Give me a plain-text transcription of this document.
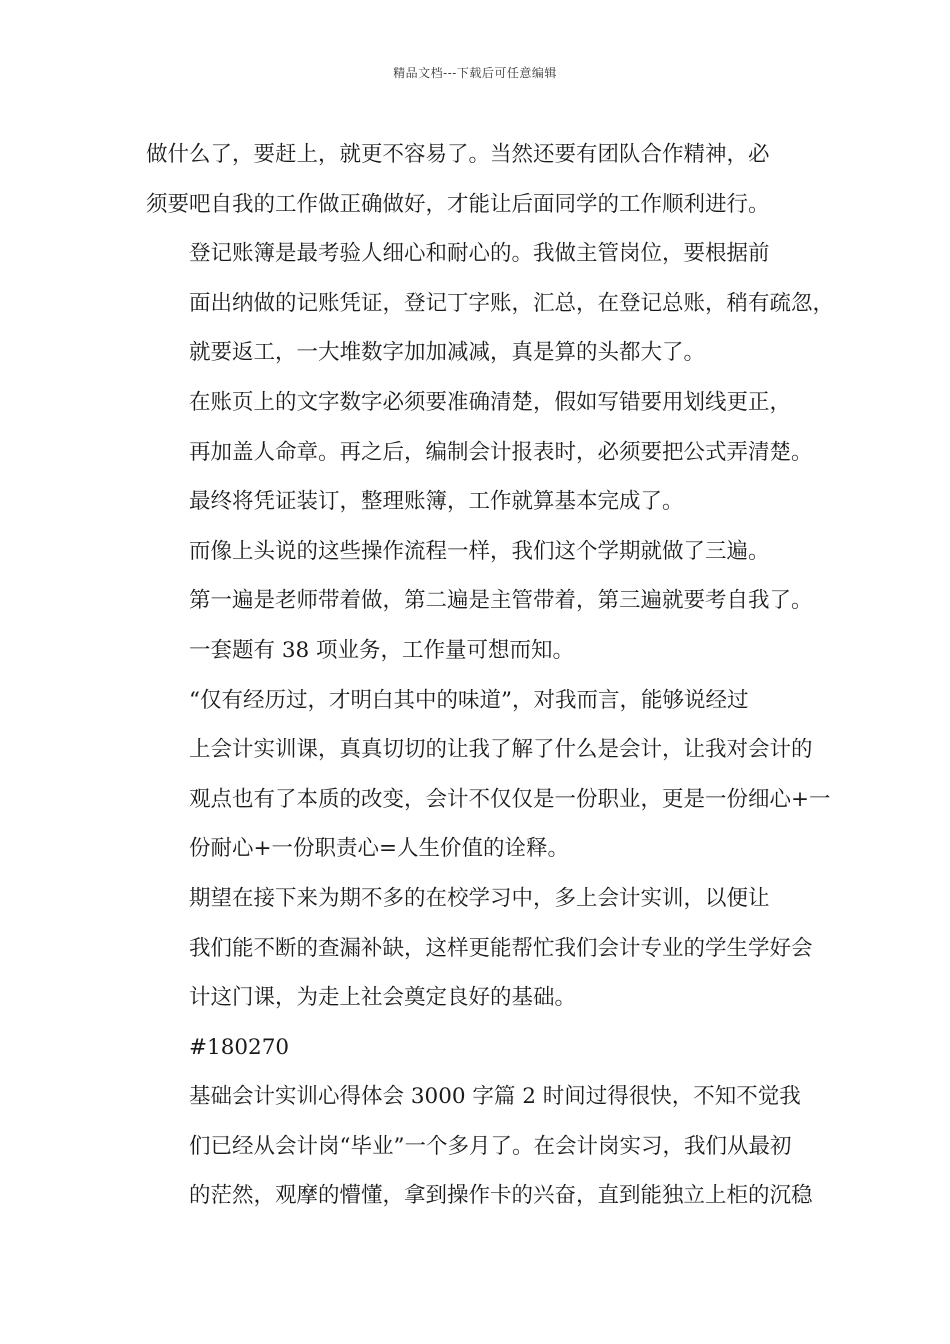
精品文档---下载后可任意编辑

做什么了，要赶上，就更不容易了。当然还要有团队合作精神，必
须要吧自我的工作做正确做好，才能让后面同学的工作顺利进行。

登记账簿是最考验人细心和耐心的。我做主管岗位，要根据前
面出纳做的记账凭证，登记丁字账，汇总，在登记总账，稍有疏忽，
就要返工，一大堆数字加加减减，真是算的头都大了。

在账页上的文字数字必须要准确清楚，假如写错要用划线更正，
再加盖人命章。再之后，编制会计报表时，必须要把公式弄清楚。
最终将凭证装订，整理账簿，工作就算基本完成了。

而像上头说的这些操作流程一样，我们这个学期就做了三遍。
第一遍是老师带着做，第二遍是主管带着，第三遍就要考自我了。
一套题有 38 项业务，工作量可想而知。

“仅有经历过，才明白其中的味道”，对我而言，能够说经过
上会计实训课，真真切切的让我了解了什么是会计，让我对会计的
观点也有了本质的改变，会计不仅仅是一份职业，更是一份细心+一
份耐心+一份职责心=人生价值的诠释。

期望在接下来为期不多的在校学习中，多上会计实训，以便让
我们能不断的查漏补缺，这样更能帮忙我们会计专业的学生学好会
计这门课，为走上社会奠定良好的基础。

#180270

基础会计实训心得体会 3000 字篇 2 时间过得很快，不知不觉我
们已经从会计岗“毕业”一个多月了。在会计岗实习，我们从最初
的茫然，观摩的懵懂，拿到操作卡的兴奋，直到能独立上柜的沉稳
